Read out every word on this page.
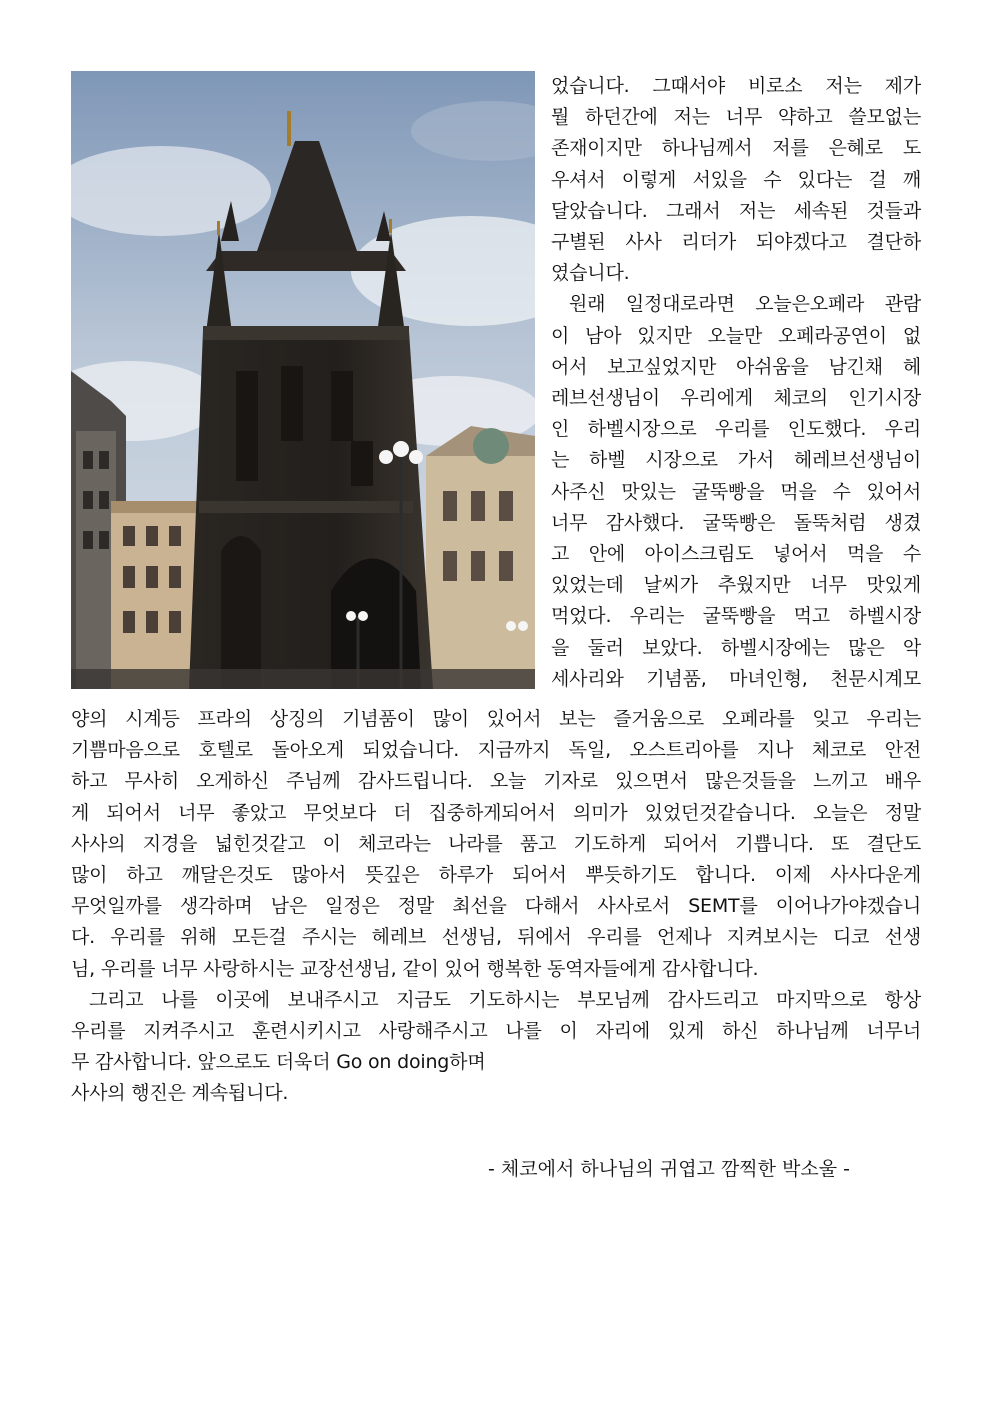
었습니다. 그때서야 비로소 저는 제가
뭘 하던간에 저는 너무 약하고 쓸모없는
존재이지만 하나님께서 저를 은혜로 도
우셔서 이렇게 서있을 수 있다는 걸 깨
달았습니다. 그래서 저는 세속된 것들과
구별된 사사 리더가 되야겠다고 결단하
였습니다.
원래 일정대로라면 오늘은오페라 관람
이 남아 있지만 오늘만 오페라공연이 없
어서 보고싶었지만 아쉬움을 남긴채 헤
레브선생님이 우리에게 체코의 인기시장
인 하벨시장으로 우리를 인도했다. 우리
는 하벨 시장으로 가서 헤레브선생님이
사주신 맛있는 굴뚝빵을 먹을 수 있어서
너무 감사했다. 굴뚝빵은 돌뚝처럼 생겼
고 안에 아이스크림도 넣어서 먹을 수
있었는데 날씨가 추웠지만 너무 맛있게
먹었다. 우리는 굴뚝빵을 먹고 하벨시장
을 둘러 보았다. 하벨시장에는 많은 악
세사리와 기념품, 마녀인형, 천문시계모
양의 시계등 프라의 상징의 기념품이 많이 있어서 보는 즐거움으로 오페라를 잊고 우리는
기쁨마음으로 호텔로 돌아오게 되었습니다. 지금까지 독일, 오스트리아를 지나 체코로 안전
하고 무사히 오게하신 주님께 감사드립니다. 오늘 기자로 있으면서 많은것들을 느끼고 배우
게 되어서 너무 좋았고 무엇보다 더 집중하게되어서 의미가 있었던것같습니다. 오늘은 정말
사사의 지경을 넓힌것같고 이 체코라는 나라를 품고 기도하게 되어서 기쁩니다. 또 결단도
많이 하고 깨달은것도 많아서 뜻깊은 하루가 되어서 뿌듯하기도 합니다. 이제 사사다운게
무엇일까를 생각하며 남은 일정은 정말 최선을 다해서 사사로서 SEMT를 이어나가야겠습니
다. 우리를 위해 모든걸 주시는 헤레브 선생님, 뒤에서 우리를 언제나 지켜보시는 디코 선생
님, 우리를 너무 사랑하시는 교장선생님, 같이 있어 행복한 동역자들에게 감사합니다.
그리고 나를 이곳에 보내주시고 지금도 기도하시는 부모님께 감사드리고 마지막으로 항상
우리를 지켜주시고 훈련시키시고 사랑해주시고 나를 이 자리에 있게 하신 하나님께 너무너
무 감사합니다. 앞으로도 더욱더 Go on doing하며
사사의 행진은 계속됩니다.
- 체코에서 하나님의 귀엽고 깜찍한 박소울 -
